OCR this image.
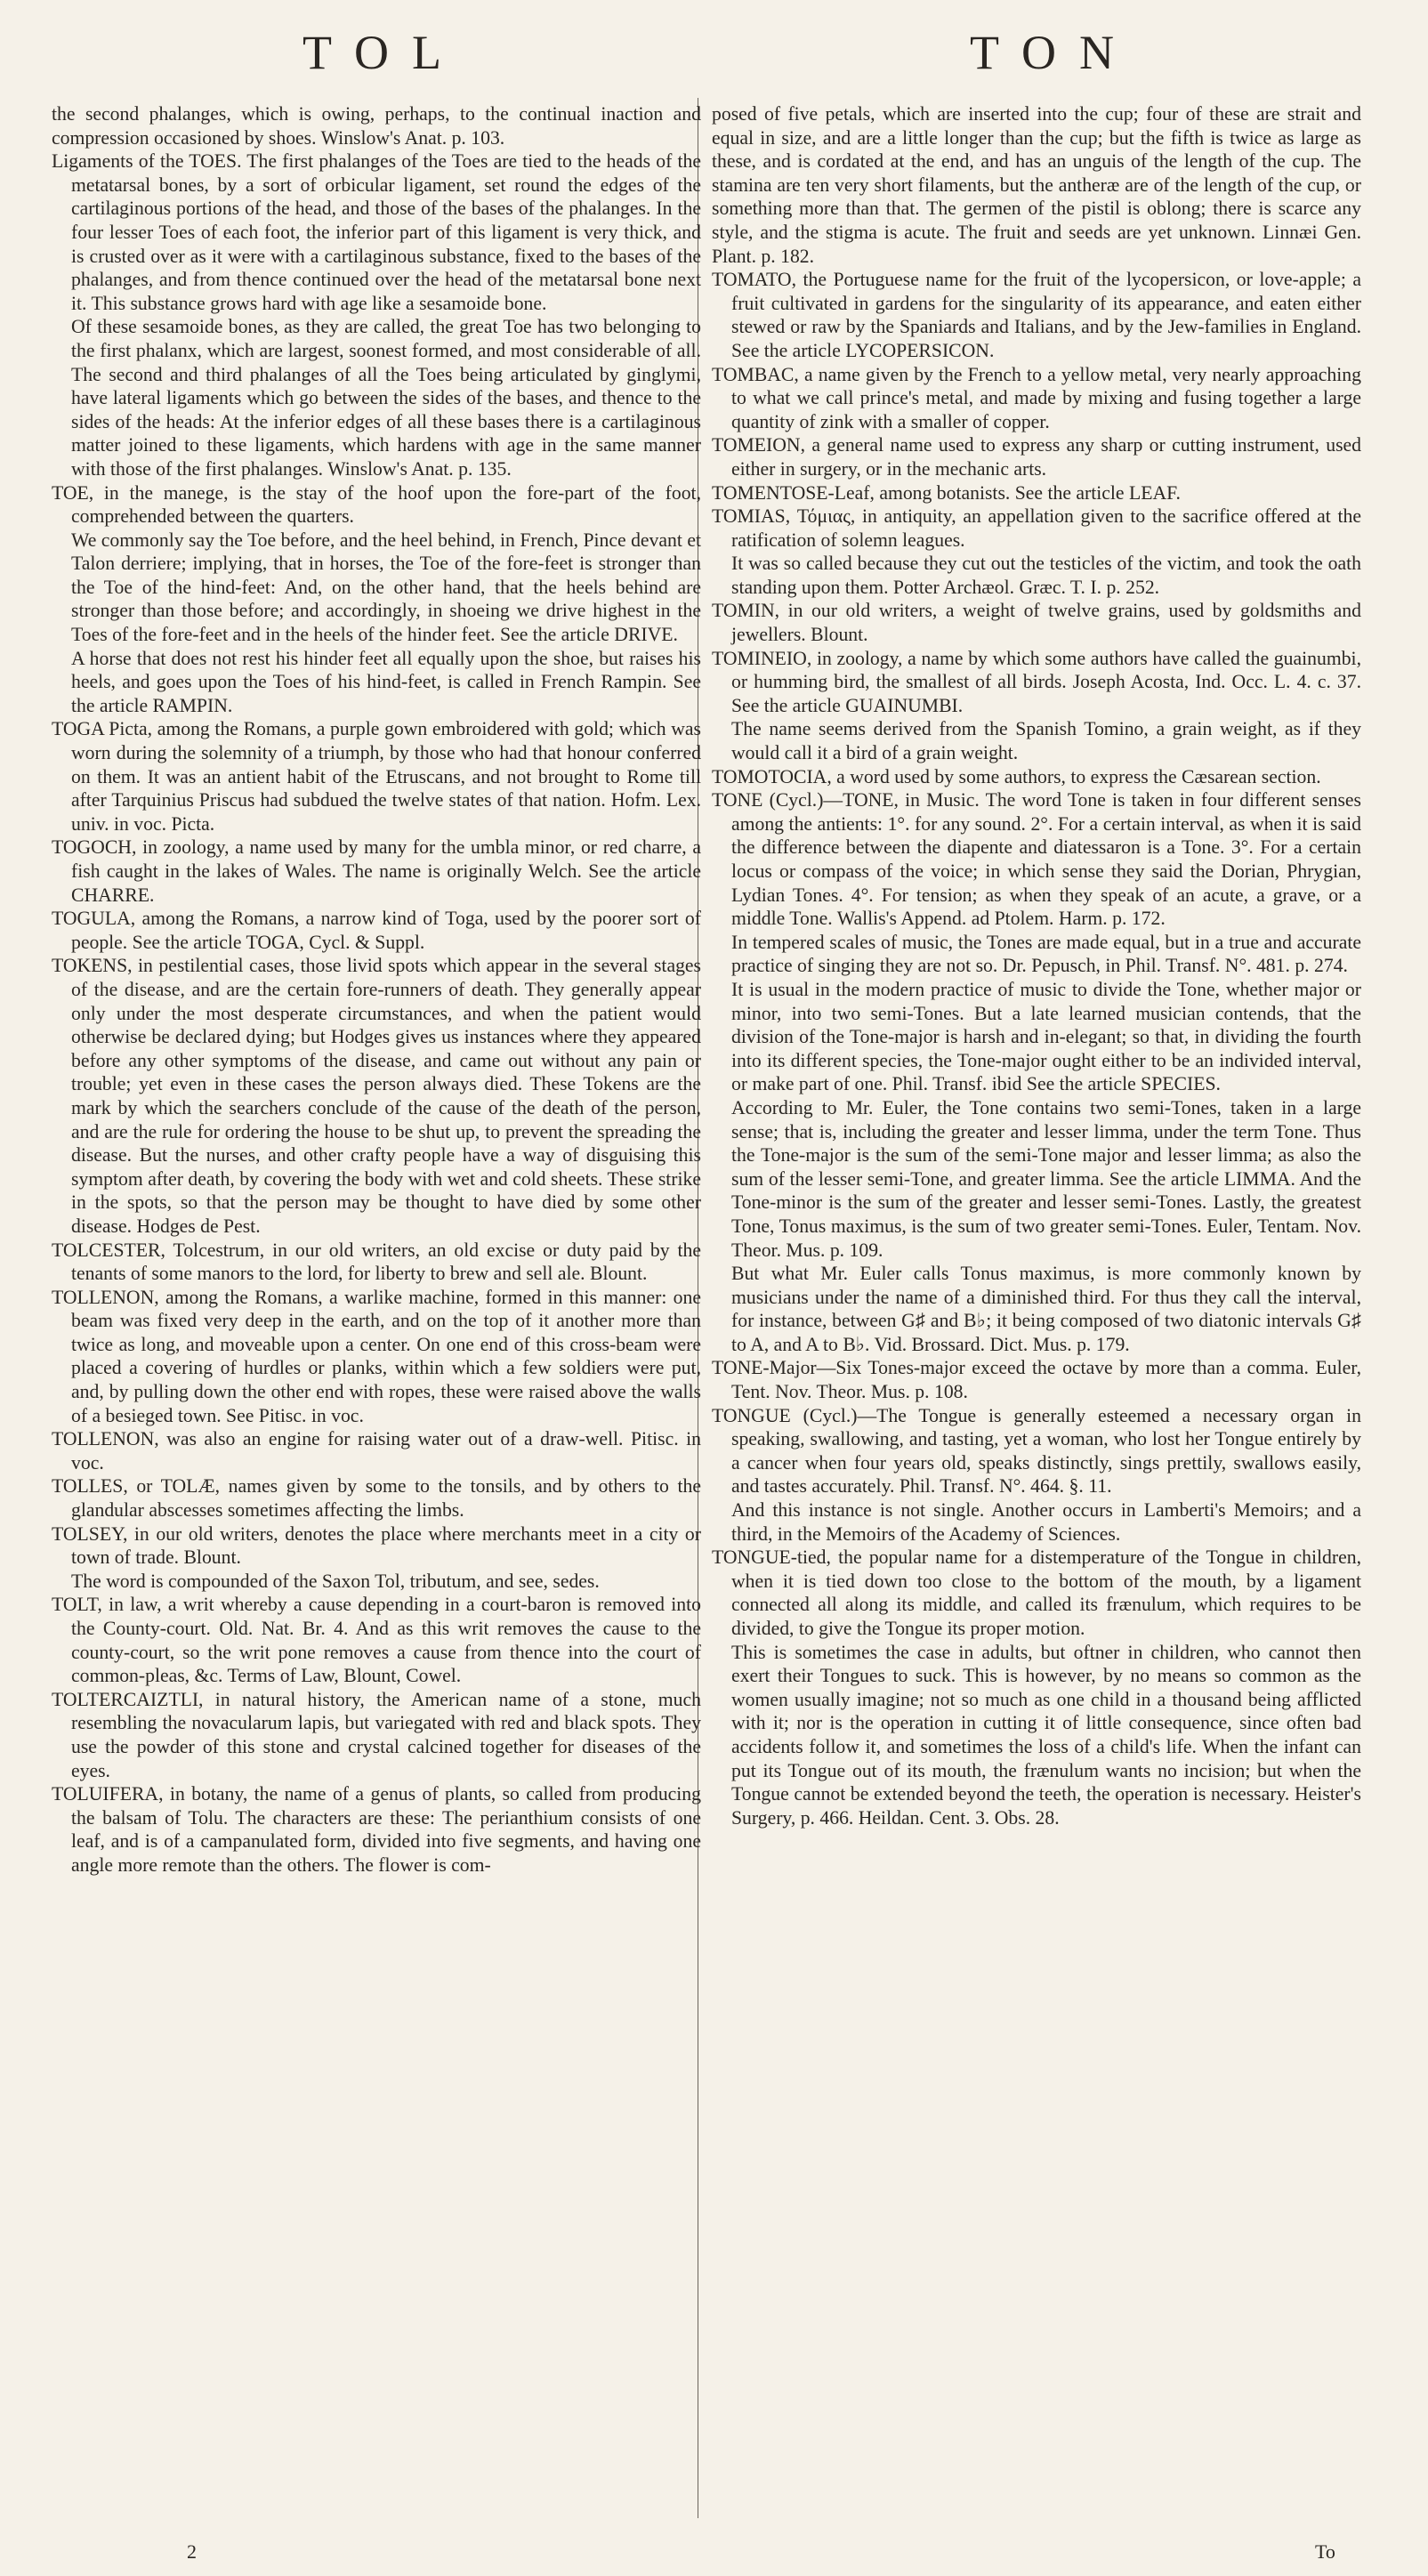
TOL	TON

the second phalanges, which is owing, perhaps, to the continual inaction and compression occasioned by shoes. Winslow's Anat. p. 103.

Ligaments of the TOES. The first phalanges of the Toes are tied to the heads of the metatarsal bones, by a sort of orbicular ligament, set round the edges of the cartilaginous portions of the head, and those of the bases of the phalanges. In the four lesser Toes of each foot, the inferior part of this ligament is very thick, and is crusted over as it were with a cartilaginous substance, fixed to the bases of the phalanges, and from thence continued over the head of the metatarsal bone next it. This substance grows hard with age like a sesamoide bone.

Of these sesamoide bones, as they are called, the great Toe has two belonging to the first phalanx, which are largest, soonest formed, and most considerable of all. The second and third phalanges of all the Toes being articulated by ginglymi, have lateral ligaments which go between the sides of the bases, and thence to the sides of the heads: At the inferior edges of all these bases there is a cartilaginous matter joined to these ligaments, which hardens with age in the same manner with those of the first phalanges. Winslow's Anat. p. 135.

TOE, in the manege, is the stay of the hoof upon the fore-part of the foot, comprehended between the quarters.

We commonly say the Toe before, and the heel behind, in French, Pince devant et Talon derriere; implying, that in horses, the Toe of the fore-feet is stronger than the Toe of the hind-feet: And, on the other hand, that the heels behind are stronger than those before; and accordingly, in shoeing we drive highest in the Toes of the fore-feet and in the heels of the hinder feet. See the article DRIVE.

A horse that does not rest his hinder feet all equally upon the shoe, but raises his heels, and goes upon the Toes of his hind-feet, is called in French Rampin. See the article RAMPIN.

TOGA Picta, among the Romans, a purple gown embroidered with gold; which was worn during the solemnity of a triumph, by those who had that honour conferred on them. It was an antient habit of the Etruscans, and not brought to Rome till after Tarquinius Priscus had subdued the twelve states of that nation. Hofm. Lex. univ. in voc. Picta.

TOGOCH, in zoology, a name used by many for the umbla minor, or red charre, a fish caught in the lakes of Wales. The name is originally Welch. See the article CHARRE.

TOGULA, among the Romans, a narrow kind of Toga, used by the poorer sort of people. See the article TOGA, Cycl. & Suppl.

TOKENS, in pestilential cases, those livid spots which appear in the several stages of the disease, and are the certain fore-runners of death. They generally appear only under the most desperate circumstances, and when the patient would otherwise be declared dying; but Hodges gives us instances where they appeared before any other symptoms of the disease, and came out without any pain or trouble; yet even in these cases the person always died. These Tokens are the mark by which the searchers conclude of the cause of the death of the person, and are the rule for ordering the house to be shut up, to prevent the spreading the disease. But the nurses, and other crafty people have a way of disguising this symptom after death, by covering the body with wet and cold sheets. These strike in the spots, so that the person may be thought to have died by some other disease. Hodges de Pest.

TOLCESTER, Tolcestrum, in our old writers, an old excise or duty paid by the tenants of some manors to the lord, for liberty to brew and sell ale. Blount.

TOLLENON, among the Romans, a warlike machine, formed in this manner: one beam was fixed very deep in the earth, and on the top of it another more than twice as long, and moveable upon a center. On one end of this cross-beam were placed a covering of hurdles or planks, within which a few soldiers were put, and, by pulling down the other end with ropes, these were raised above the walls of a besieged town. See Pitisc. in voc.

TOLLENON, was also an engine for raising water out of a draw-well. Pitisc. in voc.

TOLLES, or TOLÆ, names given by some to the tonsils, and by others to the glandular abscesses sometimes affecting the limbs.

TOLSEY, in our old writers, denotes the place where merchants meet in a city or town of trade. Blount.

The word is compounded of the Saxon Tol, tributum, and see, sedes.

TOLT, in law, a writ whereby a cause depending in a court-baron is removed into the County-court. Old. Nat. Br. 4. And as this writ removes the cause to the county-court, so the writ pone removes a cause from thence into the court of common-pleas, &c. Terms of Law, Blount, Cowel.

TOLTERCAIZTLI, in natural history, the American name of a stone, much resembling the novacularum lapis, but variegated with red and black spots. They use the powder of this stone and crystal calcined together for diseases of the eyes.

TOLUIFERA, in botany, the name of a genus of plants, so called from producing the balsam of Tolu. The characters are these: The perianthium consists of one leaf, and is of a campanulated form, divided into five segments, and having one angle more remote than the others. The flower is com-

posed of five petals, which are inserted into the cup; four of these are strait and equal in size, and are a little longer than the cup; but the fifth is twice as large as these, and is cordated at the end, and has an unguis of the length of the cup. The stamina are ten very short filaments, but the antheræ are of the length of the cup, or something more than that. The germen of the pistil is oblong; there is scarce any style, and the stigma is acute. The fruit and seeds are yet unknown. Linnæi Gen. Plant. p. 182.

TOMATO, the Portuguese name for the fruit of the lycopersicon, or love-apple; a fruit cultivated in gardens for the singularity of its appearance, and eaten either stewed or raw by the Spaniards and Italians, and by the Jew-families in England. See the article LYCOPERSICON.

TOMBAC, a name given by the French to a yellow metal, very nearly approaching to what we call prince's metal, and made by mixing and fusing together a large quantity of zink with a smaller of copper.

TOMEION, a general name used to express any sharp or cutting instrument, used either in surgery, or in the mechanic arts.

TOMENTOSE-Leaf, among botanists. See the article LEAF.

TOMIAS, Τόμιας, in antiquity, an appellation given to the sacrifice offered at the ratification of solemn leagues.

It was so called because they cut out the testicles of the victim, and took the oath standing upon them. Potter Archæol. Græc. T. I. p. 252.

TOMIN, in our old writers, a weight of twelve grains, used by goldsmiths and jewellers. Blount.

TOMINEIO, in zoology, a name by which some authors have called the guainumbi, or humming bird, the smallest of all birds. Joseph Acosta, Ind. Occ. L. 4. c. 37. See the article GUAINUMBI.

The name seems derived from the Spanish Tomino, a grain weight, as if they would call it a bird of a grain weight.

TOMOTOCIA, a word used by some authors, to express the Cæsarean section.

TONE (Cycl.)—TONE, in Music. The word Tone is taken in four different senses among the antients: 1°. for any sound. 2°. For a certain interval, as when it is said the difference between the diapente and diatessaron is a Tone. 3°. For a certain locus or compass of the voice; in which sense they said the Dorian, Phrygian, Lydian Tones. 4°. For tension; as when they speak of an acute, a grave, or a middle Tone. Wallis's Append. ad Ptolem. Harm. p. 172.

In tempered scales of music, the Tones are made equal, but in a true and accurate practice of singing they are not so. Dr. Pepusch, in Phil. Transf. N°. 481. p. 274.

It is usual in the modern practice of music to divide the Tone, whether major or minor, into two semi-Tones. But a late learned musician contends, that the division of the Tone-major is harsh and in-elegant; so that, in dividing the fourth into its different species, the Tone-major ought either to be an individed interval, or make part of one. Phil. Transf. ibid See the article SPECIES.

According to Mr. Euler, the Tone contains two semi-Tones, taken in a large sense; that is, including the greater and lesser limma, under the term Tone. Thus the Tone-major is the sum of the semi-Tone major and lesser limma; as also the sum of the lesser semi-Tone, and greater limma. See the article LIMMA. And the Tone-minor is the sum of the greater and lesser semi-Tones. Lastly, the greatest Tone, Tonus maximus, is the sum of two greater semi-Tones. Euler, Tentam. Nov. Theor. Mus. p. 109.

But what Mr. Euler calls Tonus maximus, is more commonly known by musicians under the name of a diminished third. For thus they call the interval, for instance, between G♯ and B♭; it being composed of two diatonic intervals G♯ to A, and A to B♭. Vid. Brossard. Dict. Mus. p. 179.

TONE-Major—Six Tones-major exceed the octave by more than a comma. Euler, Tent. Nov. Theor. Mus. p. 108.

TONGUE (Cycl.)—The Tongue is generally esteemed a necessary organ in speaking, swallowing, and tasting, yet a woman, who lost her Tongue entirely by a cancer when four years old, speaks distinctly, sings prettily, swallows easily, and tastes accurately. Phil. Transf. N°. 464. §. 11.

And this instance is not single. Another occurs in Lamberti's Memoirs; and a third, in the Memoirs of the Academy of Sciences.

TONGUE-tied, the popular name for a distemperature of the Tongue in children, when it is tied down too close to the bottom of the mouth, by a ligament connected all along its middle, and called its frænulum, which requires to be divided, to give the Tongue its proper motion.

This is sometimes the case in adults, but oftner in children, who cannot then exert their Tongues to suck. This is however, by no means so common as the women usually imagine; not so much as one child in a thousand being afflicted with it; nor is the operation in cutting it of little consequence, since often bad accidents follow it, and sometimes the loss of a child's life. When the infant can put its Tongue out of its mouth, the frænulum wants no incision; but when the Tongue cannot be extended beyond the teeth, the operation is necessary. Heister's Surgery, p. 466. Heildan. Cent. 3. Obs. 28.

2	To
